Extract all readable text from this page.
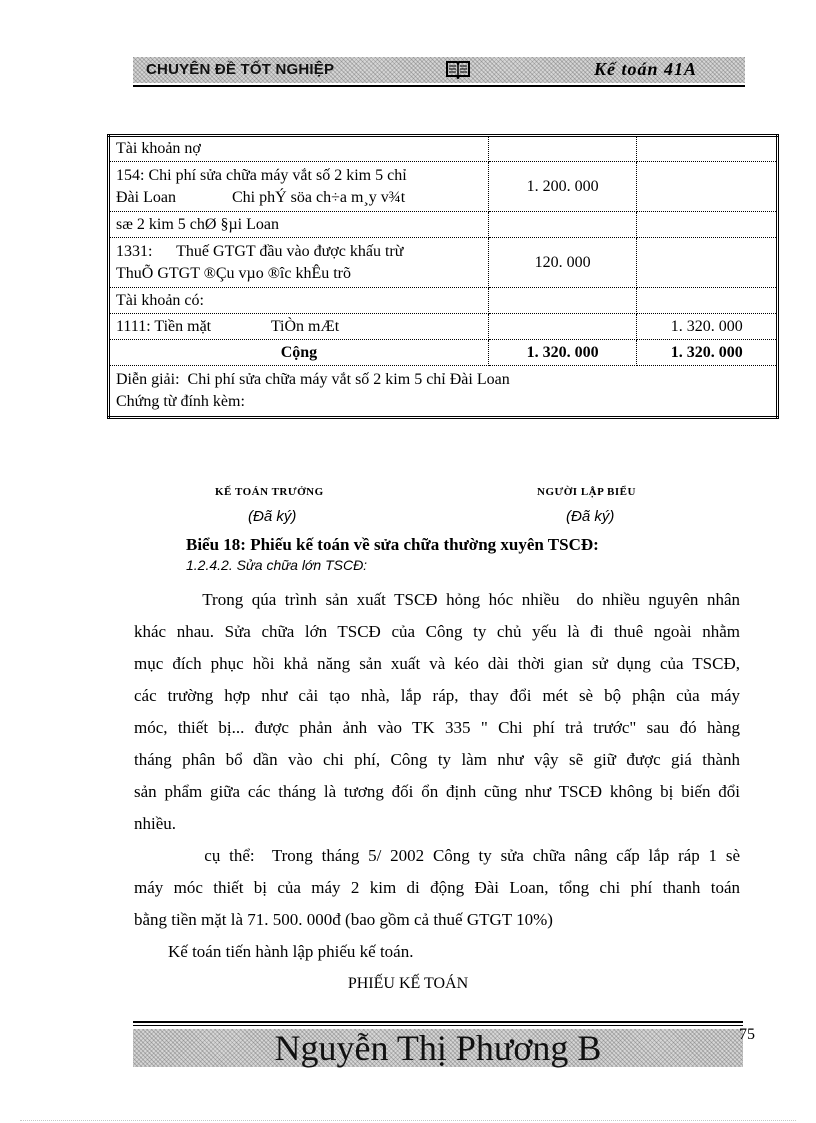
CHUYÊN ĐỀ TỐT NGHIỆP	Kế toán 41A
Tài khoản nợ		

154: Chi phí sửa chữa máy vắt số 2 kim 5 chỉ
Đài Loan              Chi phÝ söa ch÷a m¸y v¾t	1. 200. 000	
sæ 2 kim 5 chØ §µi Loan		

1331:      Thuế GTGT đầu vào được khấu trừ
ThuÕ GTGT ®Çu vµo ®îc khÊu trõ	120. 000	
Tài khoản có:		
1111: Tiền mặt               TiÒn mÆt		1. 320. 000
Cộng	1. 320. 000	1. 320. 000

Diễn giải:  Chi phí sửa chữa máy vắt số 2 kim 5 chỉ Đài Loan
Chứng từ đính kèm:		
KẾ TOÁN TRƯỞNG
(Đã ký)
NGƯỜI LẬP BIỂU
(Đã ký)
Biểu 18: Phiếu kế toán về sửa chữa thường xuyên TSCĐ:
1.2.4.2. Sửa chữa lớn TSCĐ:
Trong qúa trình sản xuất TSCĐ hỏng hóc nhiều  do nhiều nguyên nhân
khác nhau. Sửa chữa lớn TSCĐ của Công ty chủ yếu là đi thuê ngoài nhằm
mục đích phục hồi khả năng sản xuất và kéo dài thời gian sử dụng của TSCĐ,
các trường hợp như cải tạo nhà, lắp ráp, thay đổi mét sè bộ phận của máy
móc, thiết bị... được phản ảnh vào TK 335 " Chi phí trả trước" sau đó hàng
tháng phân bổ dần vào chi phí, Công ty làm như vậy sẽ giữ được giá thành
sản phẩm giữa các tháng là tương đối ổn định cũng như TSCĐ không bị biến đổi
nhiều.
cụ thể:  Trong tháng 5/ 2002 Công ty sửa chữa nâng cấp lắp ráp 1 sè
máy móc thiết bị của máy 2 kim di động Đài Loan, tổng chi phí thanh toán
bằng tiền mặt là 71. 500. 000đ (bao gồm cả thuế GTGT 10%)
Kế toán tiến hành lập phiếu kế toán.
PHIẾU KẾ TOÁN
Nguyễn Thị Phương B	75
